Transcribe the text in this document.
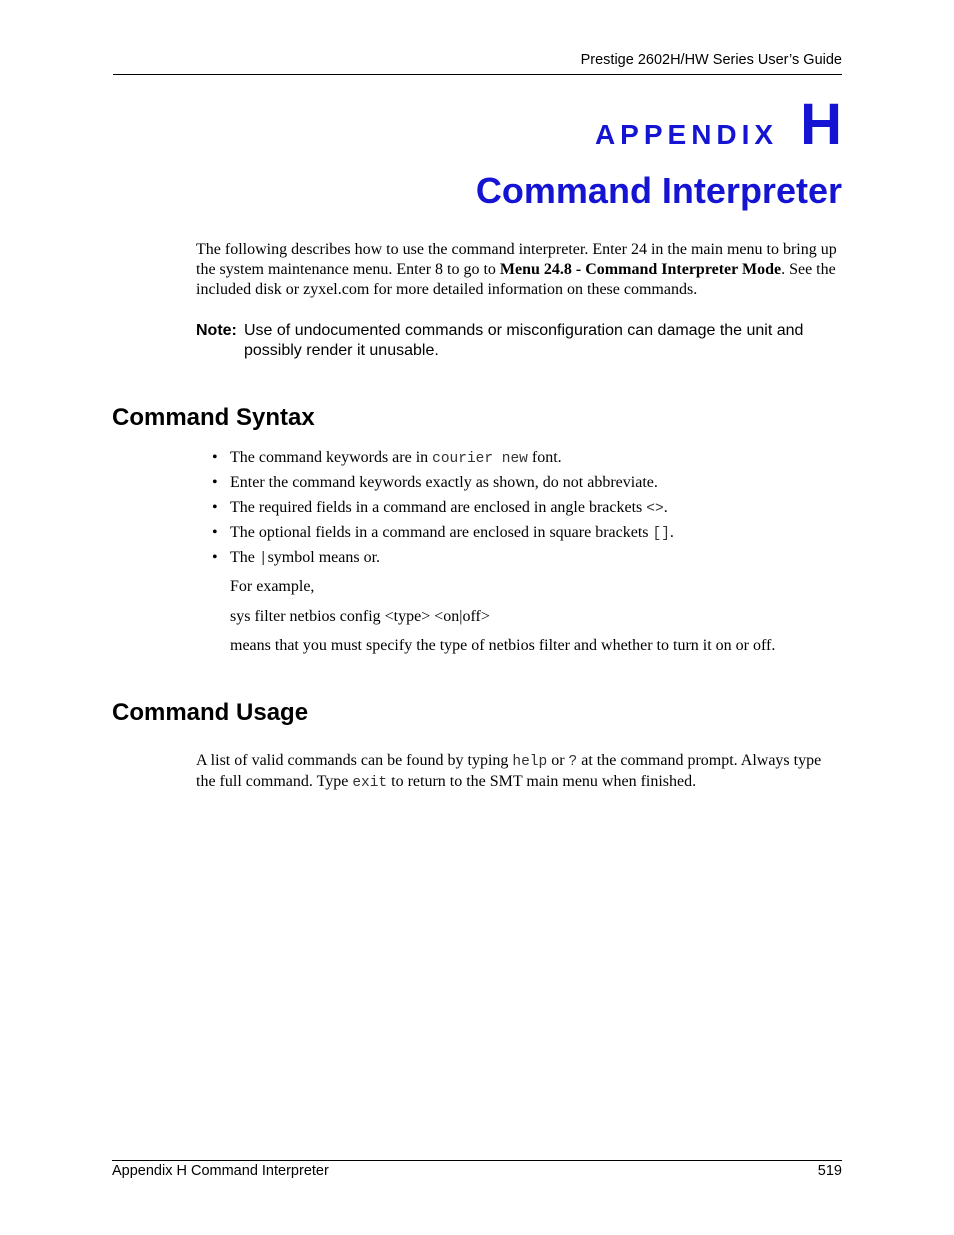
Prestige 2602H/HW Series User’s Guide
appendix H
Command Interpreter

The following describes how to use the command interpreter. Enter 24 in the main menu to bring up the system maintenance menu. Enter 8 to go to Menu 24.8 - Command Interpreter Mode. See the included disk or zyxel.com for more detailed information on these commands.

Note: Use of undocumented commands or misconfiguration can damage the unit and possibly render it unusable.
Command Syntax
• The command keywords are in courier new font.
• Enter the command keywords exactly as shown, do not abbreviate.
• The required fields in a command are enclosed in angle brackets <>.
• The optional fields in a command are enclosed in square brackets [].
• The |symbol means or.
For example,
sys filter netbios config <type> <on|off>
means that you must specify the type of netbios filter and whether to turn it on or off.
Command Usage

A list of valid commands can be found by typing help or ? at the command prompt. Always type the full command. Type exit to return to the SMT main menu when finished.

Appendix H Command Interpreter	519
